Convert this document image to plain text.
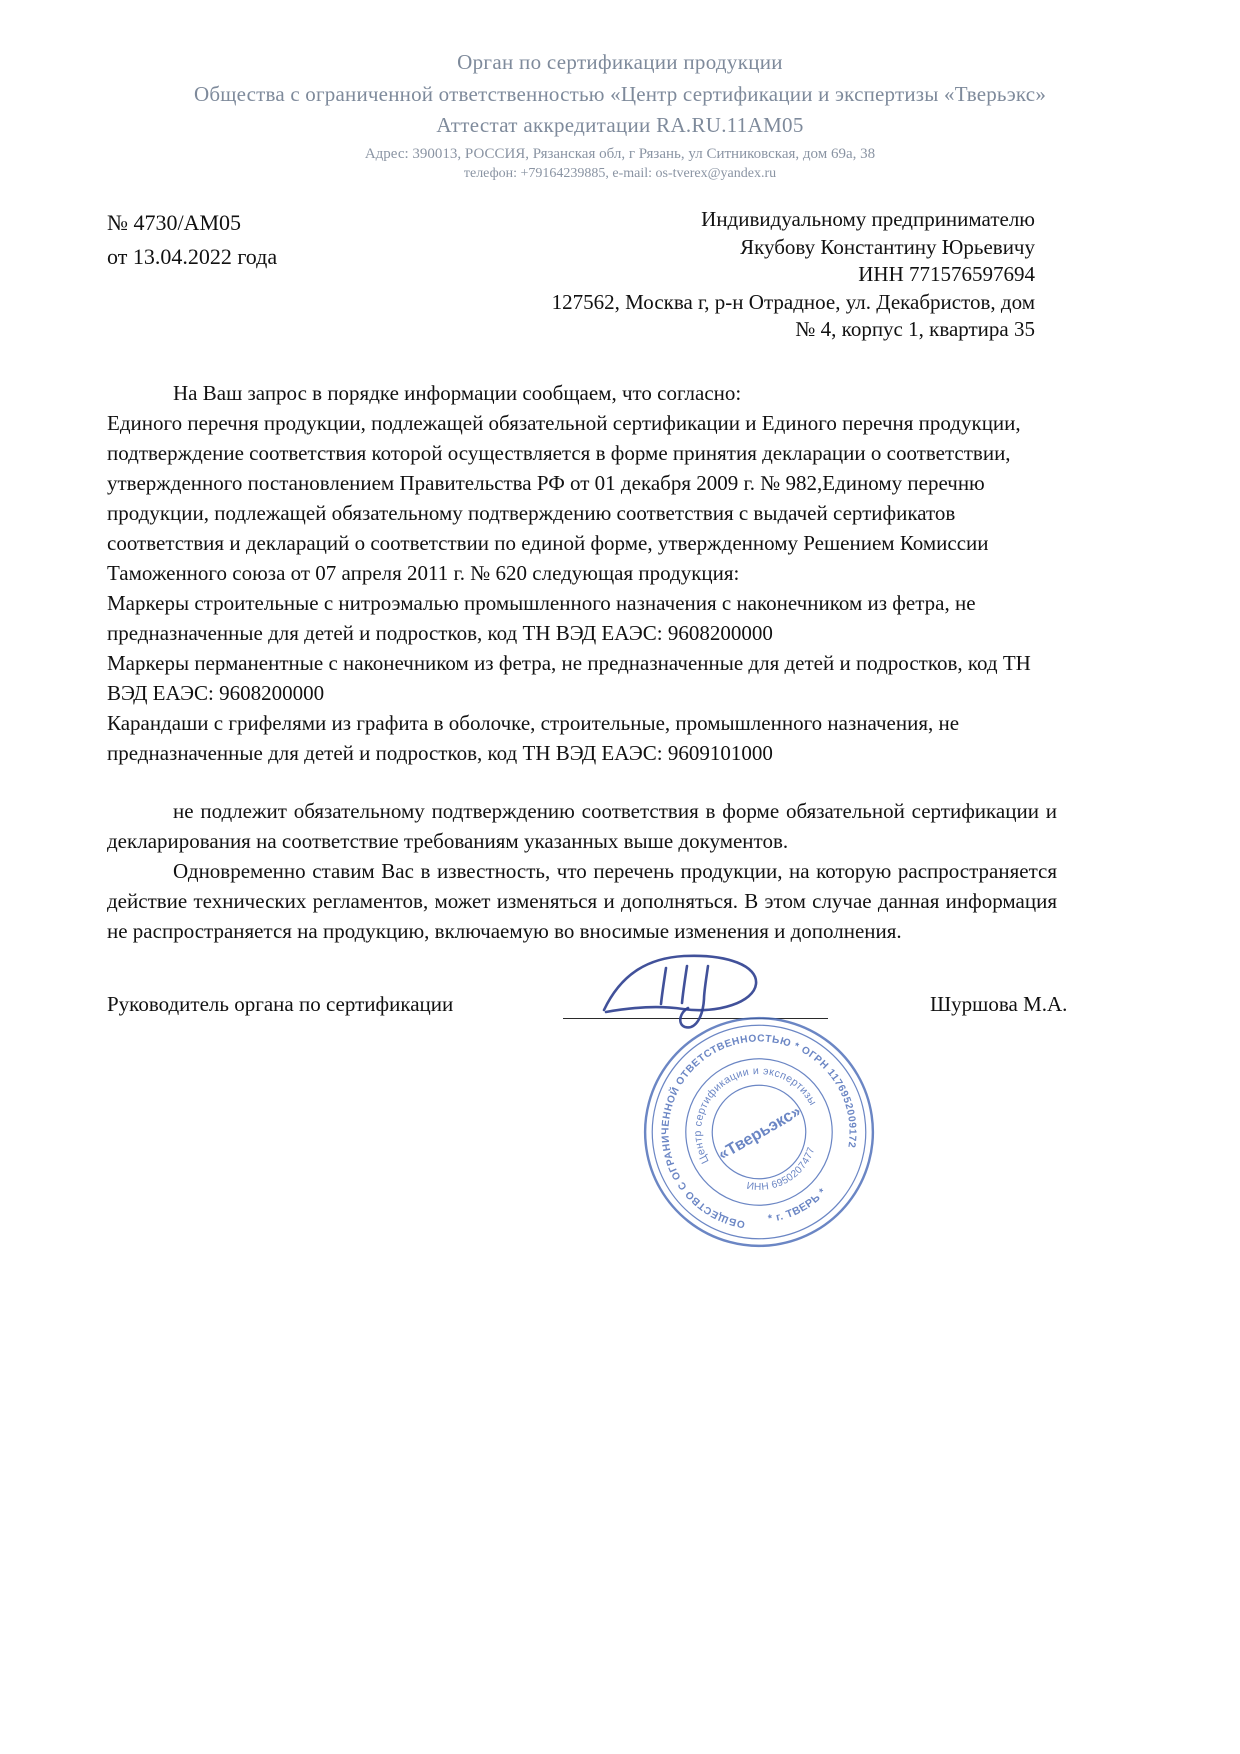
Орган по сертификации продукции
Общества с ограниченной ответственностью «Центр сертификации и экспертизы «Тверьэкс»
Аттестат аккредитации RA.RU.11АМ05
Адрес: 390013, РОССИЯ, Рязанская обл, г Рязань, ул Ситниковская, дом 69а, 38
телефон: +79164239885, e-mail: os-tverex@yandex.ru
№ 4730/АМ05
от 13.04.2022 года
Индивидуальному предпринимателю
Якубову Константину Юрьевичу
ИНН 771576597694
127562, Москва г, р-н Отрадное, ул. Декабристов, дом
№ 4, корпус 1, квартира 35

На Ваш запрос в порядке информации сообщаем, что согласно:

Единого перечня продукции, подлежащей обязательной сертификации и Единого перечня продукции, подтверждение соответствия которой осуществляется в форме принятия декларации о соответствии, утвержденного постановлением Правительства РФ от 01 декабря 2009 г. № 982,Единому перечню продукции, подлежащей обязательному подтверждению соответствия с выдачей сертификатов соответствия и деклараций о соответствии по единой форме, утвержденному Решением Комиссии Таможенного союза от 07 апреля 2011 г. № 620 следующая продукция:

Маркеры строительные с нитроэмалью промышленного назначения с наконечником из фетра, не предназначенные для детей и подростков, код ТН ВЭД ЕАЭС: 9608200000

Маркеры перманентные с наконечником из фетра, не предназначенные для детей и подростков, код ТН ВЭД ЕАЭС: 9608200000

Карандаши с грифелями из графита в оболочке, строительные, промышленного назначения, не предназначенные для детей и подростков, код ТН ВЭД ЕАЭС: 9609101000

не подлежит обязательному подтверждению соответствия в форме обязательной сертификации и декларирования на соответствие требованиям указанных выше документов.

Одновременно ставим Вас в известность, что перечень продукции, на которую распространяется действие технических регламентов, может изменяться и дополняться. В этом случае данная информация не распространяется на продукцию, включаемую во вносимые изменения и дополнения.

Руководитель органа по сертификации	Шуршова М.А.
ОБЩЕСТВО С ОГРАНИЧЕННОЙ ОТВЕТСТВЕННОСТЬЮ * ОГРН 1176952009172
* г. ТВЕРЬ *
Центр сертификации и экспертизы
ИНН 6950207477
«Тверьэкс»
